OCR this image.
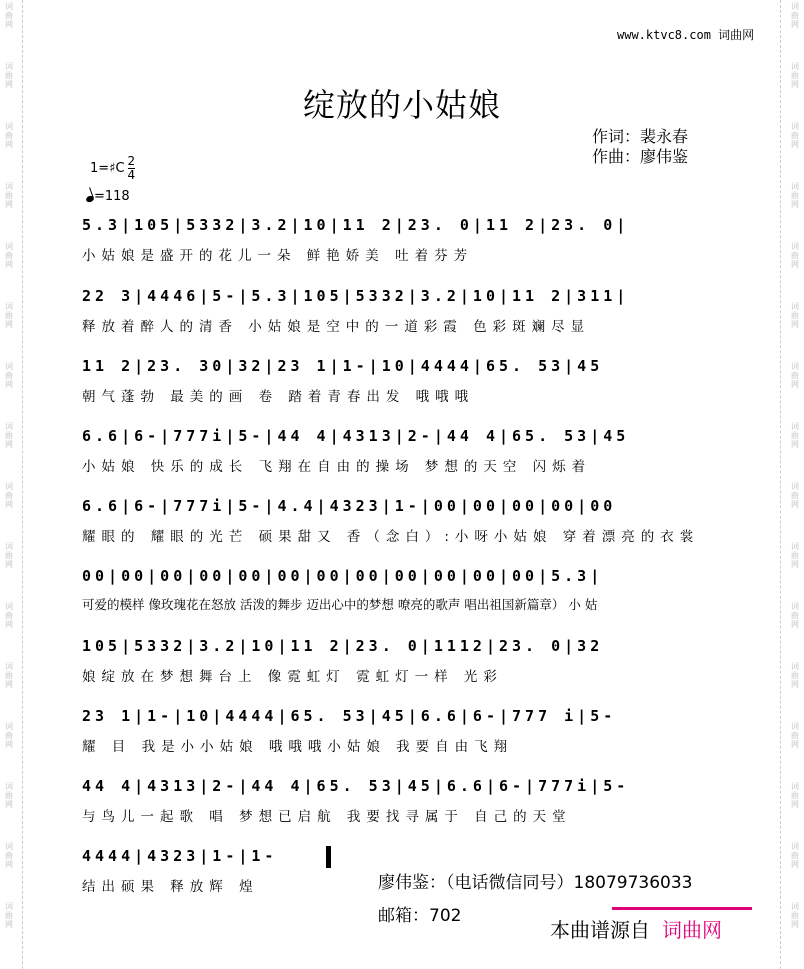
词
曲
网
词
曲
网
词
曲
网
词
曲
网
词
曲
网
词
曲
网
词
曲
网
词
曲
网
词
曲
网
词
曲
网
词
曲
网
词
曲
网
词
曲
网
词
曲
网
词
曲
网
词
曲
网
词
曲
网
词
曲
网
词
曲
网
词
曲
网
词
曲
网
词
曲
网
词
曲
网
词
曲
网
词
曲
网
词
曲
网
词
曲
网
词
曲
网
词
曲
网
词
曲
网
词
曲
网
词
曲
网
www.ktvc8.com 词曲网
绽放的小姑娘
作词：裴永春
作曲：廖伟鉴
1=♯C $\frac{2}{4}$
=118
5.3|105|5332|3.2|10|11 2|23. 0|11 2|23. 0|
小姑娘是盛开的花儿一朵 鲜艳娇美 吐着芬芳
22 3|4446|5-|5.3|105|5332|3.2|10|11 2|311|
释放着醉人的清香 小姑娘是空中的一道彩霞 色彩斑斓尽显
11 2|23. 30|32|23 1|1-|10|4444|65. 53|45
朝气蓬勃 最美的画 卷 踏着青春出发 哦哦哦
6.6|6-|777i|5-|44 4|4313|2-|44 4|65. 53|45
小姑娘 快乐的成长 飞翔在自由的操场 梦想的天空 闪烁着
6.6|6-|777i|5-|4.4|4323|1-|00|00|00|00|00
耀眼的 耀眼的光芒 硕果甜又 香（念白）:小呀小姑娘 穿着漂亮的衣裳
00|00|00|00|00|00|00|00|00|00|00|00|5.3|
可爱的模样 像玫瑰花在怒放 活泼的舞步 迈出心中的梦想 嘹亮的歌声 唱出祖国新篇章） 小 姑
105|5332|3.2|10|11 2|23. 0|1112|23. 0|32
娘绽放在梦想舞台上 像霓虹灯 霓虹灯一样 光彩
23 1|1-|10|4444|65. 53|45|6.6|6-|777 i|5-
耀 目 我是小小姑娘 哦哦哦小姑娘 我要自由飞翔
44 4|4313|2-|44 4|65. 53|45|6.6|6-|777i|5-
与鸟儿一起歌 唱 梦想已启航 我要找寻属于 自己的天堂
4444|4323|1-|1-
结出硕果 释放辉 煌	廖伟鉴：（电话微信同号）18079736033
邮箱：702
本曲谱源自 词曲网
